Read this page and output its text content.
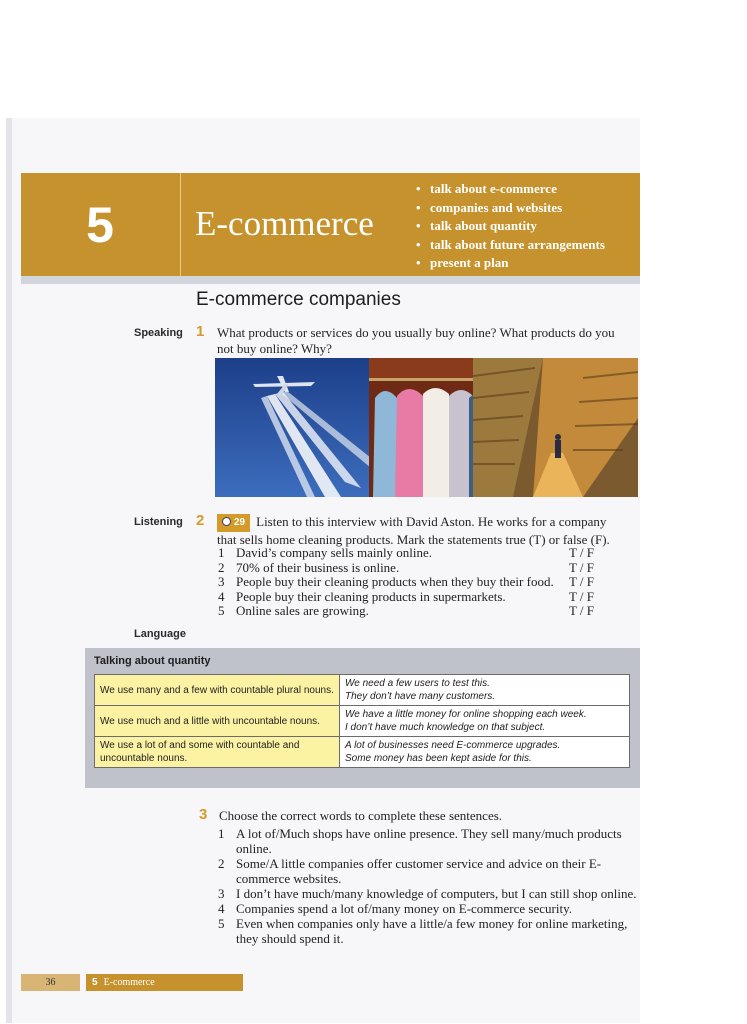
5	E-commerce
• talk about e-commerce
• companies and websites
• talk about quantity
• talk about future arrangements
• present a plan
E-commerce companies
Speaking 1 What products or services do you usually buy online? What products do you not buy online? Why?
Listening 2	29 Listen to this interview with David Aston. He works for a company that sells home cleaning products. Mark the statements true (T) or false (F).
1 David’s company sells mainly online.	T / F
2 70% of their business is online.	T / F
3 People buy their cleaning products when they buy their food.	T / F
4 People buy their cleaning products in supermarkets.	T / F
5 Online sales are growing.	T / F
Language
Talking about quantity
We use many and a few with countable plural nouns.	We need a few users to test this.
They don’t have many customers.

We use much and a little with uncountable nouns.	We have a little money for online shopping each week.
I don’t have much knowledge on that subject.

We use a lot of and some with countable and uncountable nouns.	A lot of businesses need E-commerce upgrades.
Some money has been kept aside for this.
3 Choose the correct words to complete these sentences.
1 A lot of/Much shops have online presence. They sell many/much products online.
2 Some/A little companies offer customer service and advice on their E-commerce websites.
3 I don’t have much/many knowledge of computers, but I can still shop online.
4 Companies spend a lot of/many money on E-commerce security.
5 Even when companies only have a little/a few money for online marketing, they should spend it.
36	5 E-commerce
